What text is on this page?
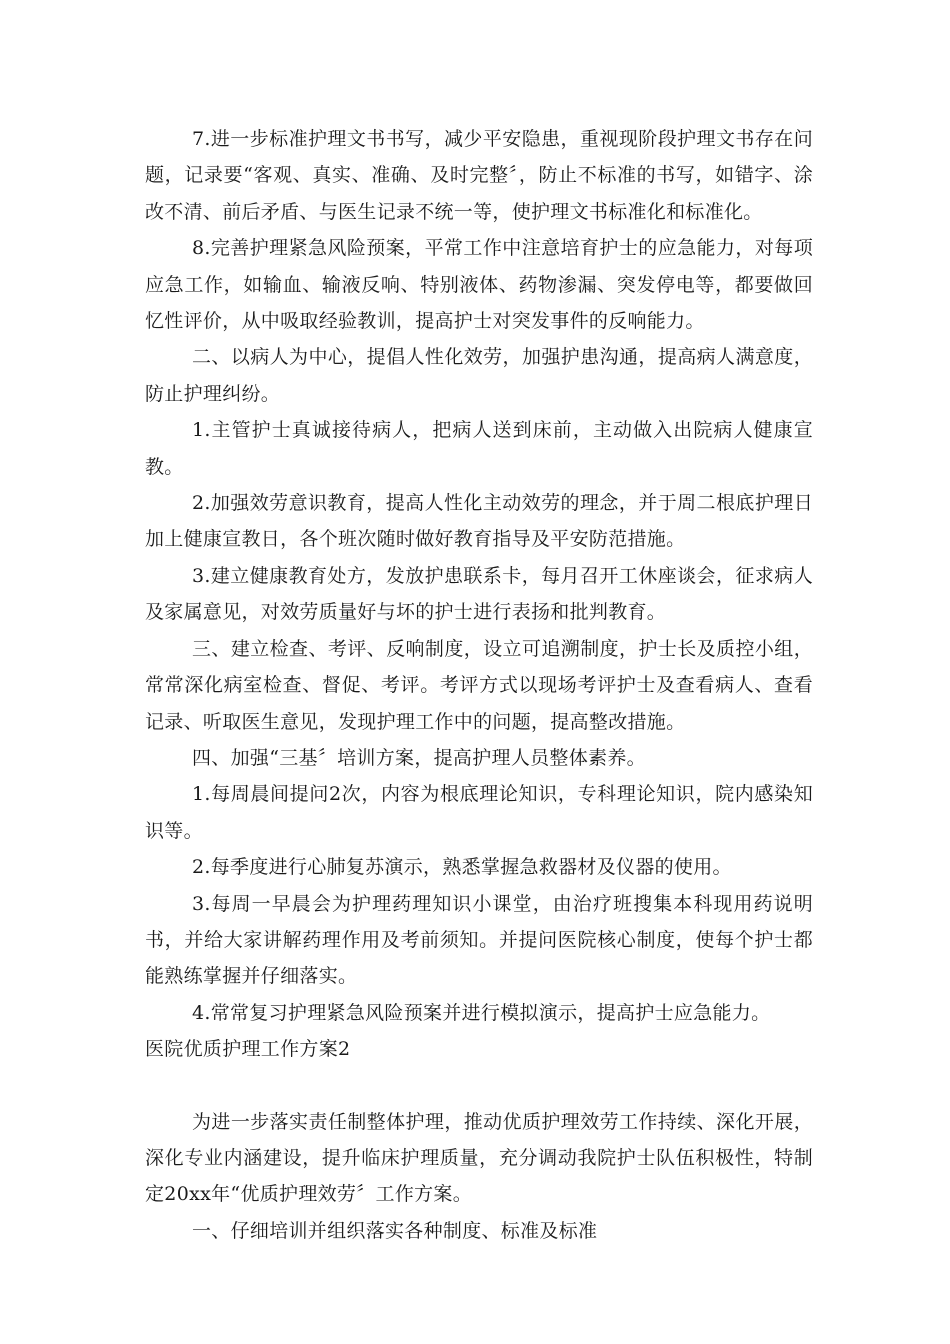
7.进一步标准护理文书书写，减少平安隐患，重视现阶段护理文书存在问题，记录要“客观、真实、准确、及时完整〞，防止不标准的书写，如错字、涂改不清、前后矛盾、与医生记录不统一等，使护理文书标准化和标准化。

8.完善护理紧急风险预案，平常工作中注意培育护士的应急能力，对每项应急工作，如输血、输液反响、特别液体、药物渗漏、突发停电等，都要做回忆性评价，从中吸取经验教训，提高护士对突发事件的反响能力。

二、以病人为中心，提倡人性化效劳，加强护患沟通，提高病人满意度，防止护理纠纷。

1.主管护士真诚接待病人，把病人送到床前，主动做入出院病人健康宣教。

2.加强效劳意识教育，提高人性化主动效劳的理念，并于周二根底护理日加上健康宣教日，各个班次随时做好教育指导及平安防范措施。

3.建立健康教育处方，发放护患联系卡，每月召开工休座谈会，征求病人及家属意见，对效劳质量好与坏的护士进行表扬和批判教育。

三、建立检查、考评、反响制度，设立可追溯制度，护士长及质控小组，常常深化病室检查、督促、考评。考评方式以现场考评护士及查看病人、查看记录、听取医生意见，发现护理工作中的问题，提高整改措施。

四、加强“三基〞培训方案，提高护理人员整体素养。

1.每周晨间提问2次，内容为根底理论知识，专科理论知识，院内感染知识等。

2.每季度进行心肺复苏演示，熟悉掌握急救器材及仪器的使用。

3.每周一早晨会为护理药理知识小课堂，由治疗班搜集本科现用药说明书，并给大家讲解药理作用及考前须知。并提问医院核心制度，使每个护士都能熟练掌握并仔细落实。

4.常常复习护理紧急风险预案并进行模拟演示，提高护士应急能力。

医院优质护理工作方案2

为进一步落实责任制整体护理，推动优质护理效劳工作持续、深化开展，深化专业内涵建设，提升临床护理质量，充分调动我院护士队伍积极性，特制定20xx年“优质护理效劳〞工作方案。

一、仔细培训并组织落实各种制度、标准及标准
